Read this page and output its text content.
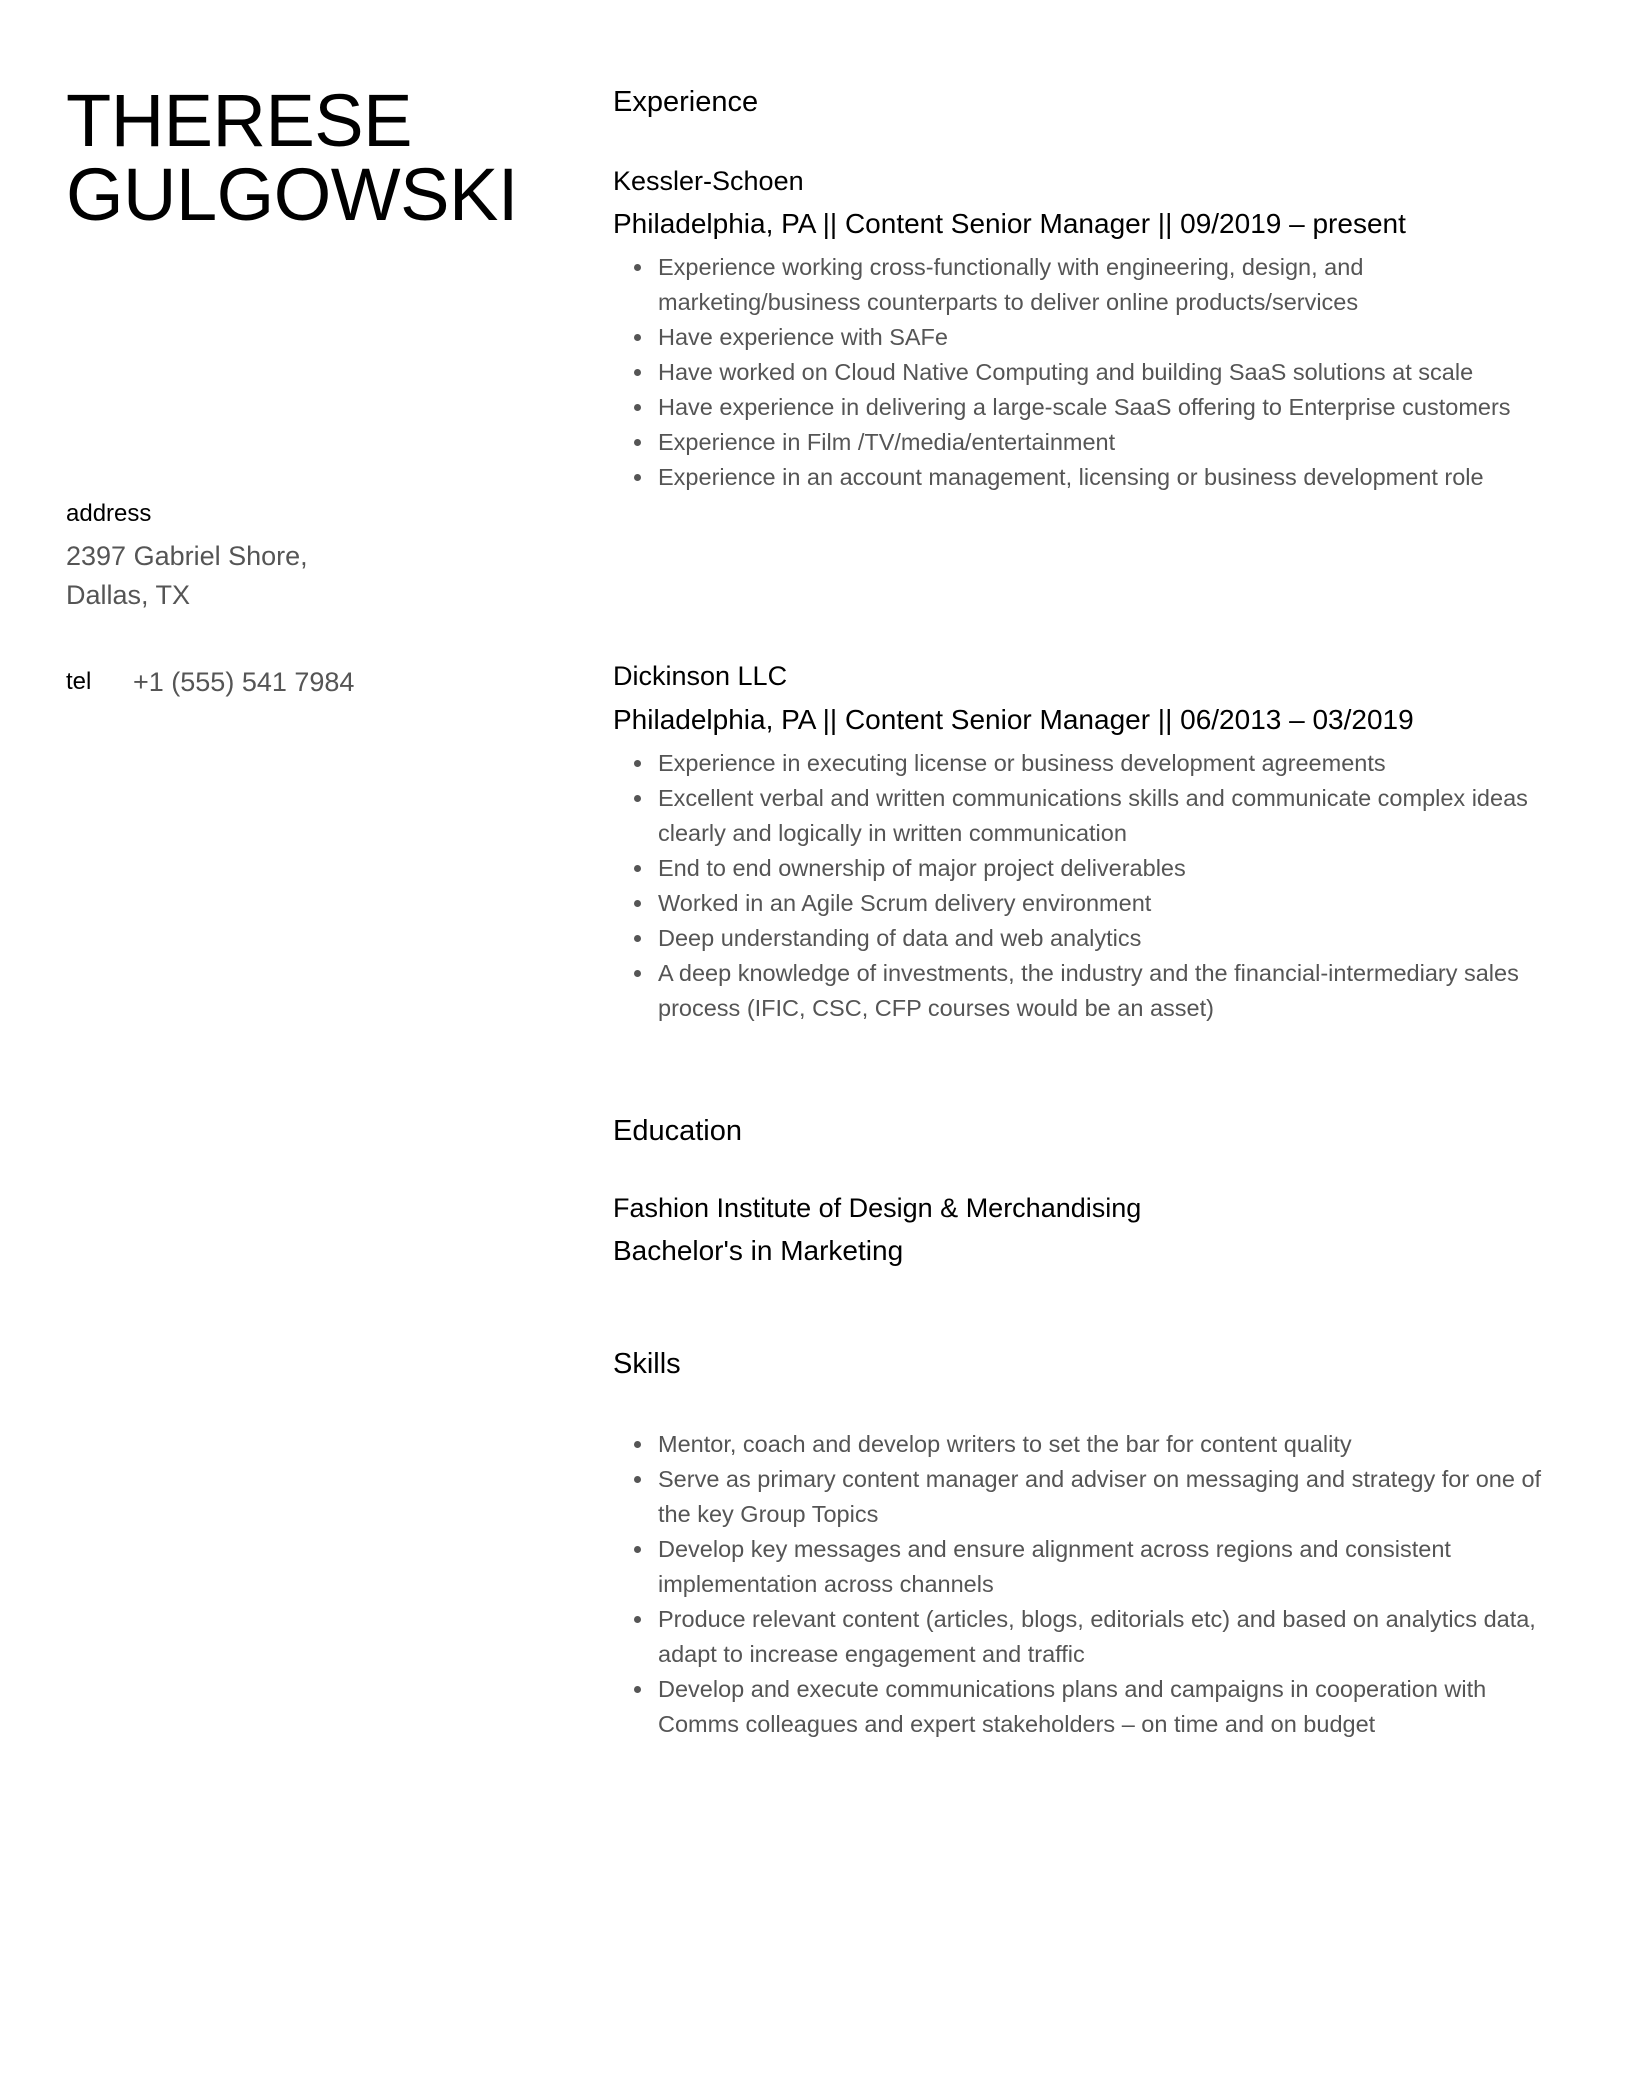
THERESE
GULGOWSKI
address
2397 Gabriel Shore,
Dallas, TX
tel +1 (555) 541 7984
Experience
Kessler-Schoen
Philadelphia, PA || Content Senior Manager || 09/2019 – present
Experience working cross-functionally with engineering, design, and marketing/business counterparts to deliver online products/services
Have experience with SAFe
Have worked on Cloud Native Computing and building SaaS solutions at scale
Have experience in delivering a large-scale SaaS offering to Enterprise customers
Experience in Film /TV/media/entertainment
Experience in an account management, licensing or business development role
Dickinson LLC
Philadelphia, PA || Content Senior Manager || 06/2013 – 03/2019
Experience in executing license or business development agreements
Excellent verbal and written communications skills and communicate complex ideas clearly and logically in written communication
End to end ownership of major project deliverables
Worked in an Agile Scrum delivery environment
Deep understanding of data and web analytics
A deep knowledge of investments, the industry and the financial-intermediary sales process (IFIC, CSC, CFP courses would be an asset)
Education
Fashion Institute of Design & Merchandising
Bachelor's in Marketing
Skills
Mentor, coach and develop writers to set the bar for content quality
Serve as primary content manager and adviser on messaging and strategy for one of the key Group Topics
Develop key messages and ensure alignment across regions and consistent implementation across channels
Produce relevant content (articles, blogs, editorials etc) and based on analytics data, adapt to increase engagement and traffic
Develop and execute communications plans and campaigns in cooperation with Comms colleagues and expert stakeholders – on time and on budget
